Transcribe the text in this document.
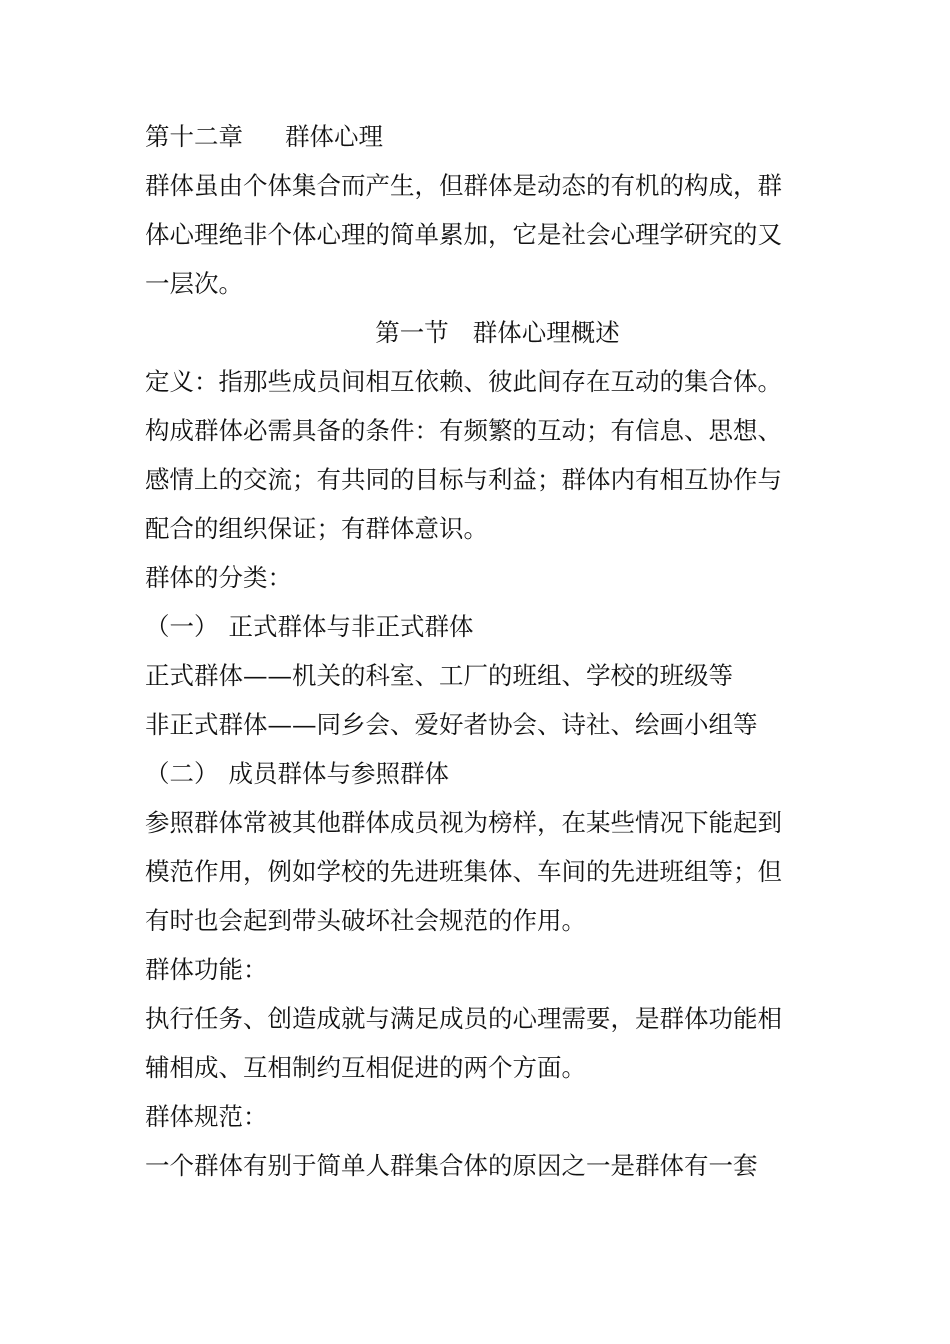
第十二章 群体心理
群体虽由个体集合而产生，但群体是动态的有机的构成，群
体心理绝非个体心理的简单累加，它是社会心理学研究的又
一层次。
第一节 群体心理概述
定义：指那些成员间相互依赖、彼此间存在互动的集合体。
构成群体必需具备的条件：有频繁的互动；有信息、思想、
感情上的交流；有共同的目标与利益；群体内有相互协作与
配合的组织保证；有群体意识。
群体的分类：
（一） 正式群体与非正式群体
正式群体——机关的科室、工厂的班组、学校的班级等
非正式群体——同乡会、爱好者协会、诗社、绘画小组等
（二） 成员群体与参照群体
参照群体常被其他群体成员视为榜样，在某些情况下能起到
模范作用，例如学校的先进班集体、车间的先进班组等；但
有时也会起到带头破坏社会规范的作用。
群体功能：
执行任务、创造成就与满足成员的心理需要，是群体功能相
辅相成、互相制约互相促进的两个方面。
群体规范：
一个群体有别于简单人群集合体的原因之一是群体有一套
